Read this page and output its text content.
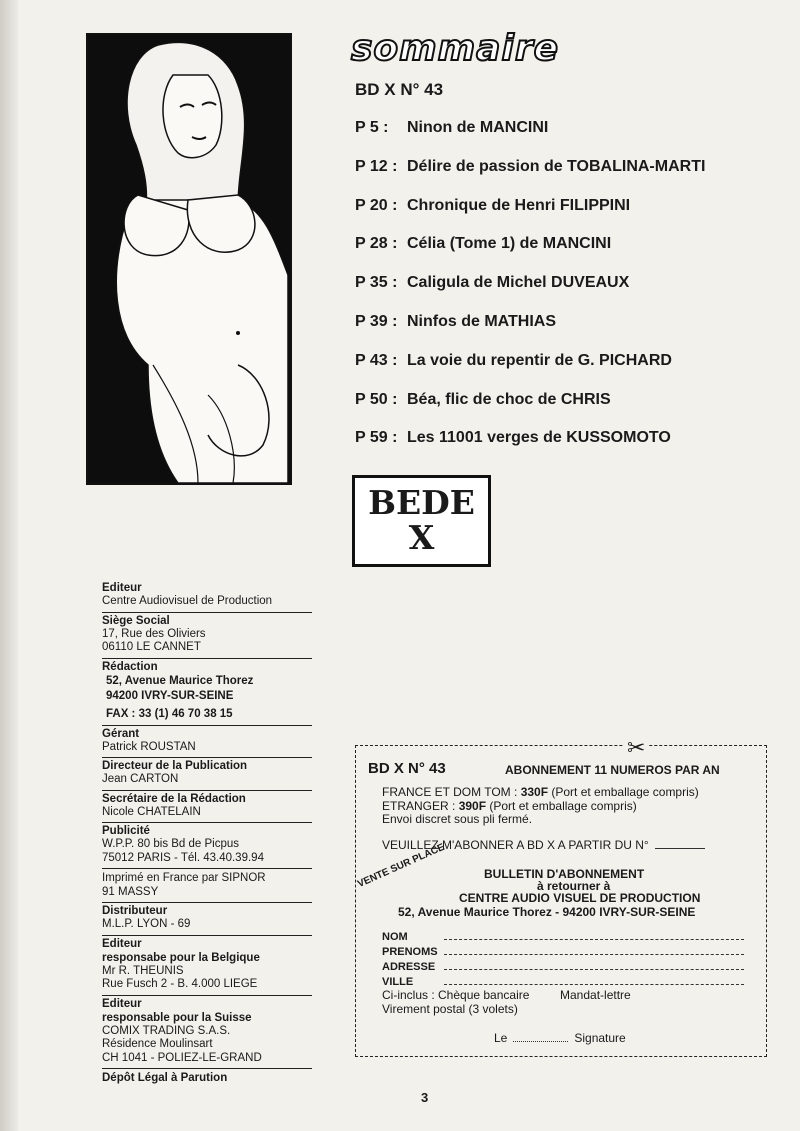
sommaire
BD X N° 43
P 5 : Ninon de MANCINI
P 12 : Délire de passion de TOBALINA-MARTI
P 20 : Chronique de Henri FILIPPINI
P 28 : Célia (Tome 1) de MANCINI
P 35 : Caligula de Michel DUVEAUX
P 39 : Ninfos de MATHIAS
P 43 : La voie du repentir de G. PICHARD
P 50 : Béa, flic de choc de CHRIS
P 59 : Les 11001 verges de KUSSOMOTO
BEDE
X
Editeur
Centre Audiovisuel de Production
Siège Social
17, Rue des Oliviers
06110 LE CANNET
Rédaction
52, Avenue Maurice Thorez
94200 IVRY-SUR-SEINE
FAX : 33 (1) 46 70 38 15
Gérant
Patrick ROUSTAN
Directeur de la Publication
Jean CARTON
Secrétaire de la Rédaction
Nicole CHATELAIN
Publicité
W.P.P. 80 bis Bd de Picpus
75012 PARIS - Tél. 43.40.39.94
Imprimé en France par SIPNOR
91 MASSY
Distributeur
M.L.P. LYON - 69
Editeur
responsabe pour la Belgique
Mr R. THEUNIS
Rue Fusch 2 - B. 4.000 LIEGE
Editeur
responsable pour la Suisse
COMIX TRADING S.A.S.
Résidence Moulinsart
CH 1041 - POLIEZ-LE-GRAND
Dépôt Légal à Parution
✂
BD X N° 43	ABONNEMENT 11 NUMEROS PAR AN
FRANCE ET DOM TOM : 330F (Port et emballage compris)
ETRANGER : 390F (Port et emballage compris)
Envoi discret sous pli fermé.
VEUILLEZ M'ABONNER A BD X A PARTIR DU N°
BULLETIN D'ABONNEMENT
à retourner à
CENTRE AUDIO VISUEL DE PRODUCTION
52, Avenue Maurice Thorez - 94200 IVRY-SUR-SEINE
VENTE SUR PLACE
NOM
PRENOMS
ADRESSE
VILLE
Ci-inclus : Chèque bancaire	Mandat-lettre
Virement postal (3 volets)
Le	Signature
3
